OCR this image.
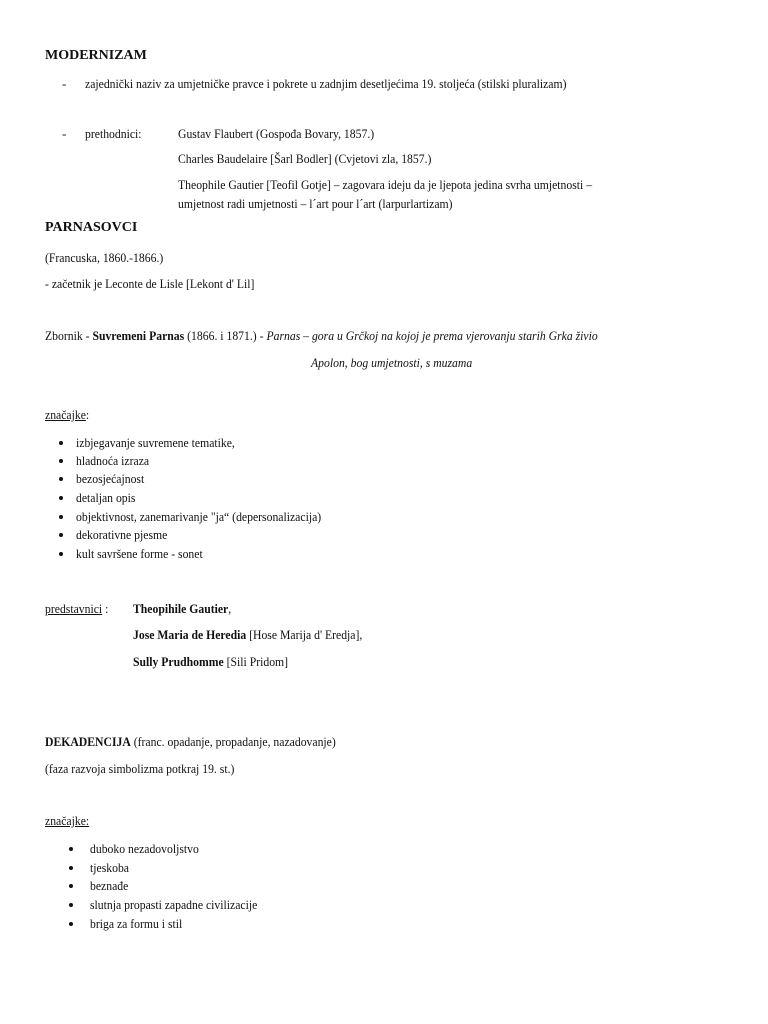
MODERNIZAM
- zajednički naziv za umjetničke pravce i pokrete u zadnjim desetljećima 19. stoljeća (stilski pluralizam)
- prethodnici:	Gustav Flaubert (Gospođa Bovary, 1857.)
Charles Baudelaire [Šarl Bodler] (Cvjetovi zla, 1857.)
Theophile Gautier [Teofil Gotje] – zagovara ideju da je ljepota jedina svrha umjetnosti –
umjetnost radi umjetnosti – l´art pour l´art (larpurlartizam)
PARNASOVCI
(Francuska, 1860.-1866.)
- začetnik je Leconte de Lisle [Lekont d' Lil]
Zbornik - Suvremeni Parnas (1866. i 1871.) - Parnas – gora u Grčkoj na kojoj je prema vjerovanju starih Grka živio
Apolon, bog umjetnosti, s muzama
značajke:
izbjegavanje suvremene tematike,
hladnoća izraza
bezosjećajnost
detaljan opis
objektivnost, zanemarivanje "ja“ (depersonalizacija)
dekorativne pjesme
kult savršene forme - sonet
predstavnici : Theopihile Gautier,
Jose Maria de Heredia [Hose Marija d' Eredja],
Sully Prudhomme [Sili Pridom]
DEKADENCIJA (franc. opadanje, propadanje, nazadovanje)
(faza razvoja simbolizma potkraj 19. st.)
značajke:
duboko nezadovoljstvo
tjeskoba
beznađe
slutnja propasti zapadne civilizacije
briga za formu i stil
